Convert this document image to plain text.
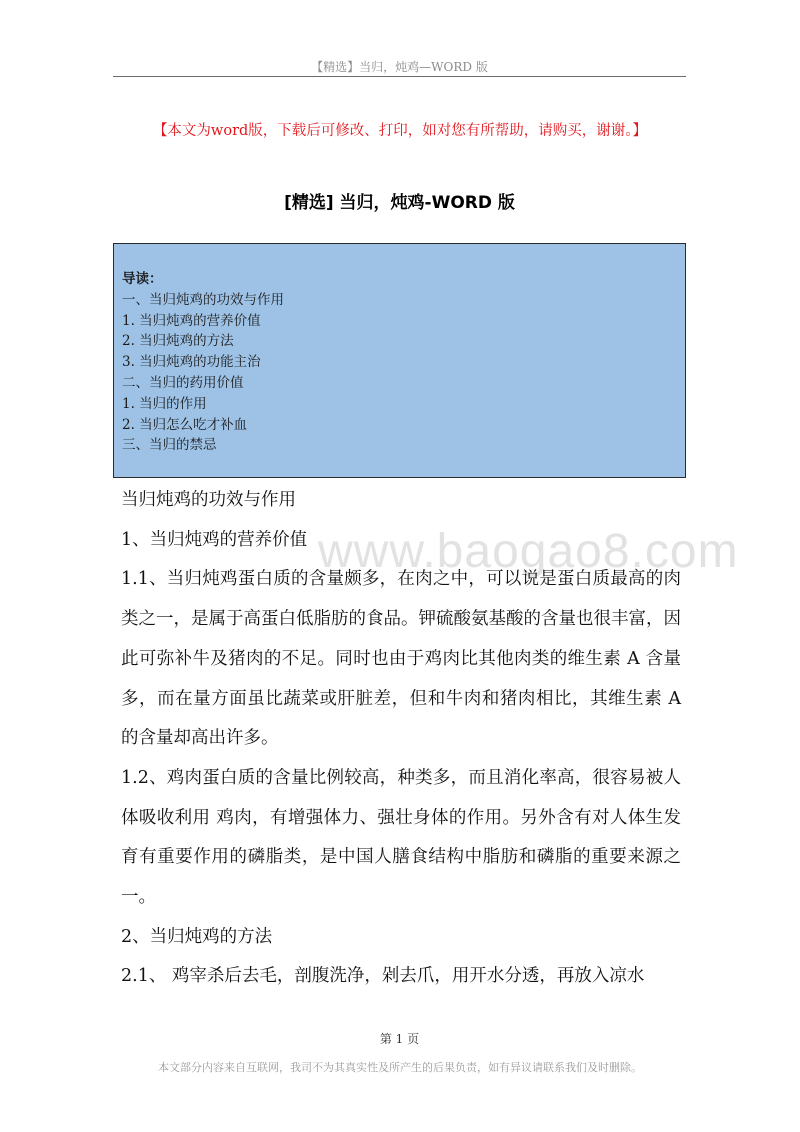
【精选】当归，炖鸡—WORD 版
【本文为word版，下载后可修改、打印，如对您有所帮助，请购买，谢谢。】
[精选] 当归，炖鸡-WORD 版
导读：
一、当归炖鸡的功效与作用
1. 当归炖鸡的营养价值
2. 当归炖鸡的方法
3. 当归炖鸡的功能主治
二、当归的药用价值
1. 当归的作用
2. 当归怎么吃才补血
三、当归的禁忌
www.baogao8.com

当归炖鸡的功效与作用

1、当归炖鸡的营养价值

1.1、当归炖鸡蛋白质的含量颇多，在肉之中，可以说是蛋白质最高的肉类之一，是属于高蛋白低脂肪的食品。钾硫酸氨基酸的含量也很丰富，因此可弥补牛及猪肉的不足。同时也由于鸡肉比其他肉类的维生素 A 含量多，而在量方面虽比蔬菜或肝脏差，但和牛肉和猪肉相比，其维生素 A 的含量却高出许多。

1.2、鸡肉蛋白质的含量比例较高，种类多，而且消化率高，很容易被人体吸收利用 鸡肉，有增强体力、强壮身体的作用。另外含有对人体生发育有重要作用的磷脂类，是中国人膳食结构中脂肪和磷脂的重要来源之一。

2、当归炖鸡的方法

2.1、 鸡宰杀后去毛，剖腹洗净，剁去爪，用开水分透，再放入凉水

第 1 页
本文部分内容来自互联网，我司不为其真实性及所产生的后果负责，如有异议请联系我们及时删除。
